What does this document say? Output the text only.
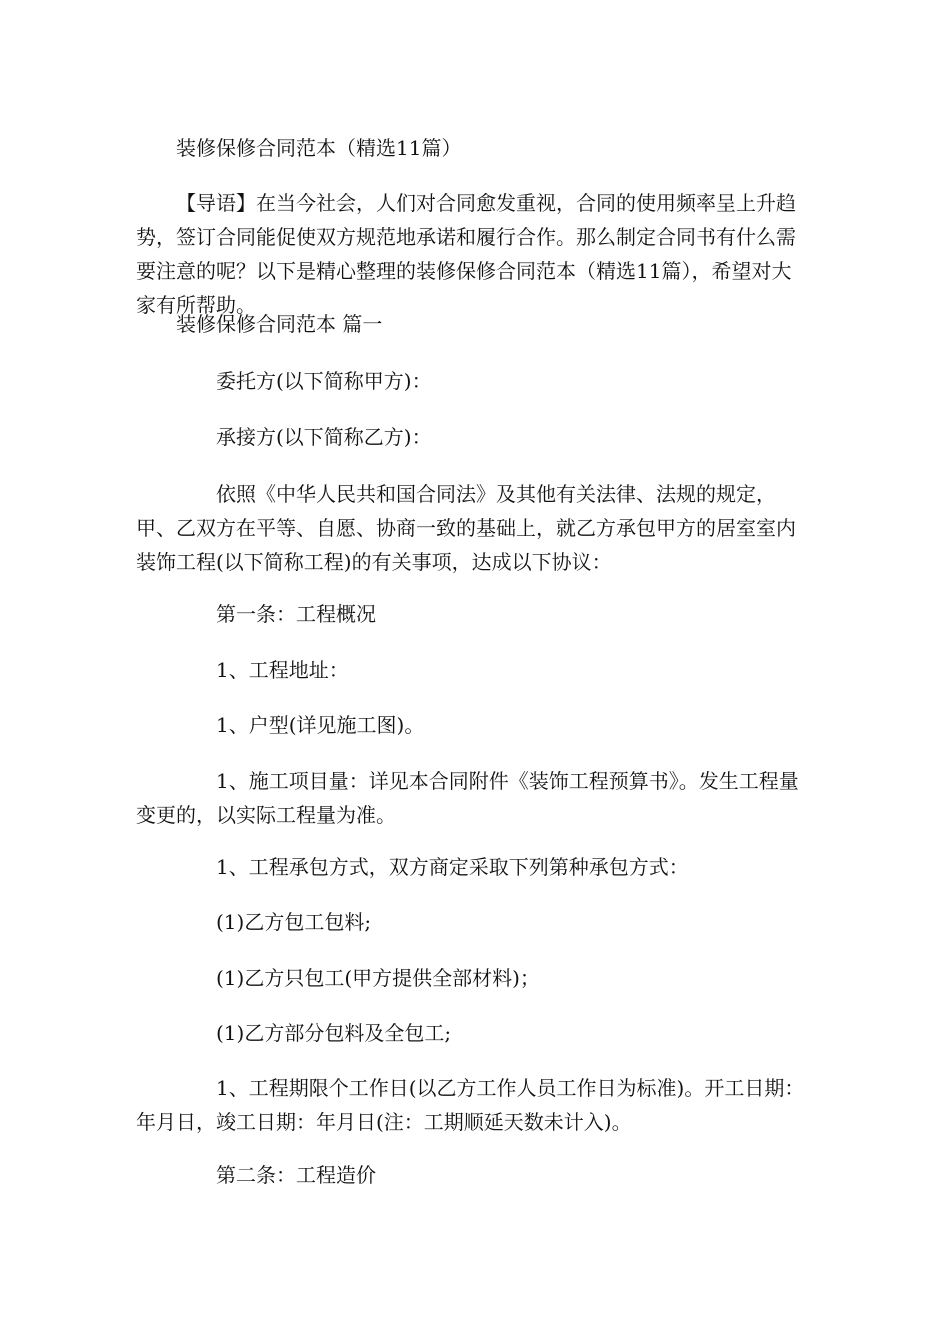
装修保修合同范本（精选11篇）

【导语】在当今社会，人们对合同愈发重视，合同的使用频率呈上升趋势，签订合同能促使双方规范地承诺和履行合作。那么制定合同书有什么需要注意的呢？以下是精心整理的装修保修合同范本（精选11篇），希望对大家有所帮助。

装修保修合同范本 篇一

委托方(以下简称甲方)：

承接方(以下简称乙方)：

依照《中华人民共和国合同法》及其他有关法律、法规的规定，甲、乙双方在平等、自愿、协商一致的基础上，就乙方承包甲方的居室室内装饰工程(以下简称工程)的有关事项，达成以下协议：

第一条：工程概况

1、工程地址：

1、户型(详见施工图)。

1、施工项目量：详见本合同附件《装饰工程预算书》。发生工程量变更的，以实际工程量为准。

1、工程承包方式，双方商定采取下列第种承包方式：

(1)乙方包工包料;

(1)乙方只包工(甲方提供全部材料)；

(1)乙方部分包料及全包工;

1、工程期限个工作日(以乙方工作人员工作日为标准)。开工日期：年月日，竣工日期：年月日(注：工期顺延天数未计入)。

第二条：工程造价
